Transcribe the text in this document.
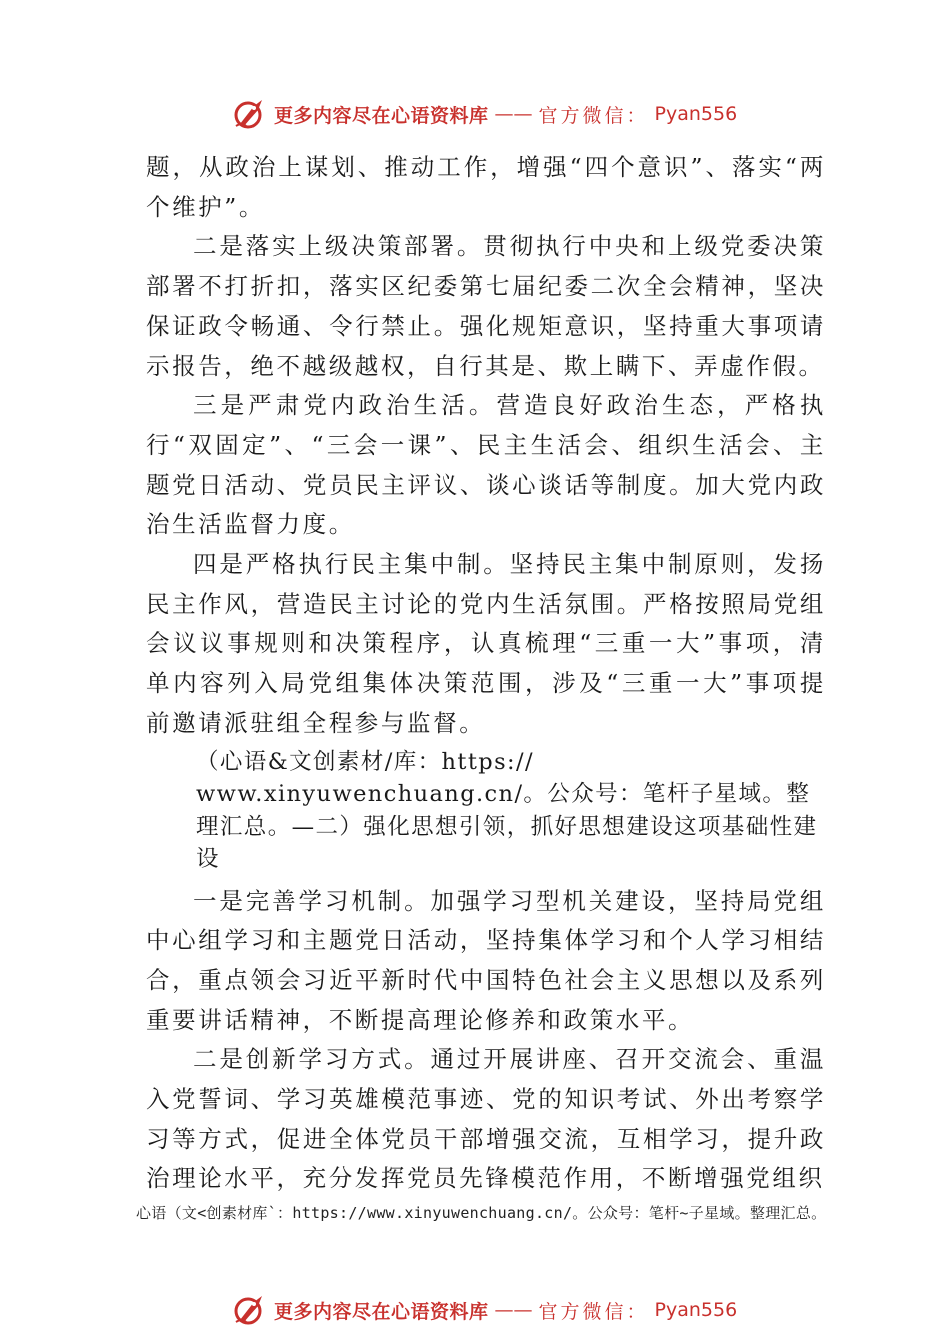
更多内容尽在心语资料库 —— 官方微信： Pyan556

题，从政治上谋划、推动工作，增强“四个意识”、落实“两个维护”。

二是落实上级决策部署。贯彻执行中央和上级党委决策部署不打折扣，落实区纪委第七届纪委二次全会精神，坚决保证政令畅通、令行禁止。强化规矩意识，坚持重大事项请示报告，绝不越级越权，自行其是、欺上瞒下、弄虚作假。

三是严肃党内政治生活。营造良好政治生态，严格执行“双固定”、“三会一课”、民主生活会、组织生活会、主题党日活动、党员民主评议、谈心谈话等制度。加大党内政治生活监督力度。

四是严格执行民主集中制。坚持民主集中制原则，发扬民主作风，营造民主讨论的党内生活氛围。严格按照局党组会议议事规则和决策程序，认真梳理“三重一大”事项，清单内容列入局党组集体决策范围，涉及“三重一大”事项提前邀请派驻组全程参与监督。

（心语&文创素材/库：https://
www.xinyuwenchuang.cn/。公众号：笔杆子星域。整理汇总。—二）强化思想引领，抓好思想建设这项基础性建设

一是完善学习机制。加强学习型机关建设，坚持局党组中心组学习和主题党日活动，坚持集体学习和个人学习相结合，重点领会习近平新时代中国特色社会主义思想以及系列重要讲话精神，不断提高理论修养和政策水平。

二是创新学习方式。通过开展讲座、召开交流会、重温入党誓词、学习英雄模范事迹、党的知识考试、外出考察学习等方式，促进全体党员干部增强交流，互相学习，提升政治理论水平，充分发挥党员先锋模范作用，不断增强党组织

心语（文<创素材库`：https://www.xinyuwenchuang.cn/。公众号：笔杆~子星域。整理汇总。
更多内容尽在心语资料库 —— 官方微信： Pyan556
